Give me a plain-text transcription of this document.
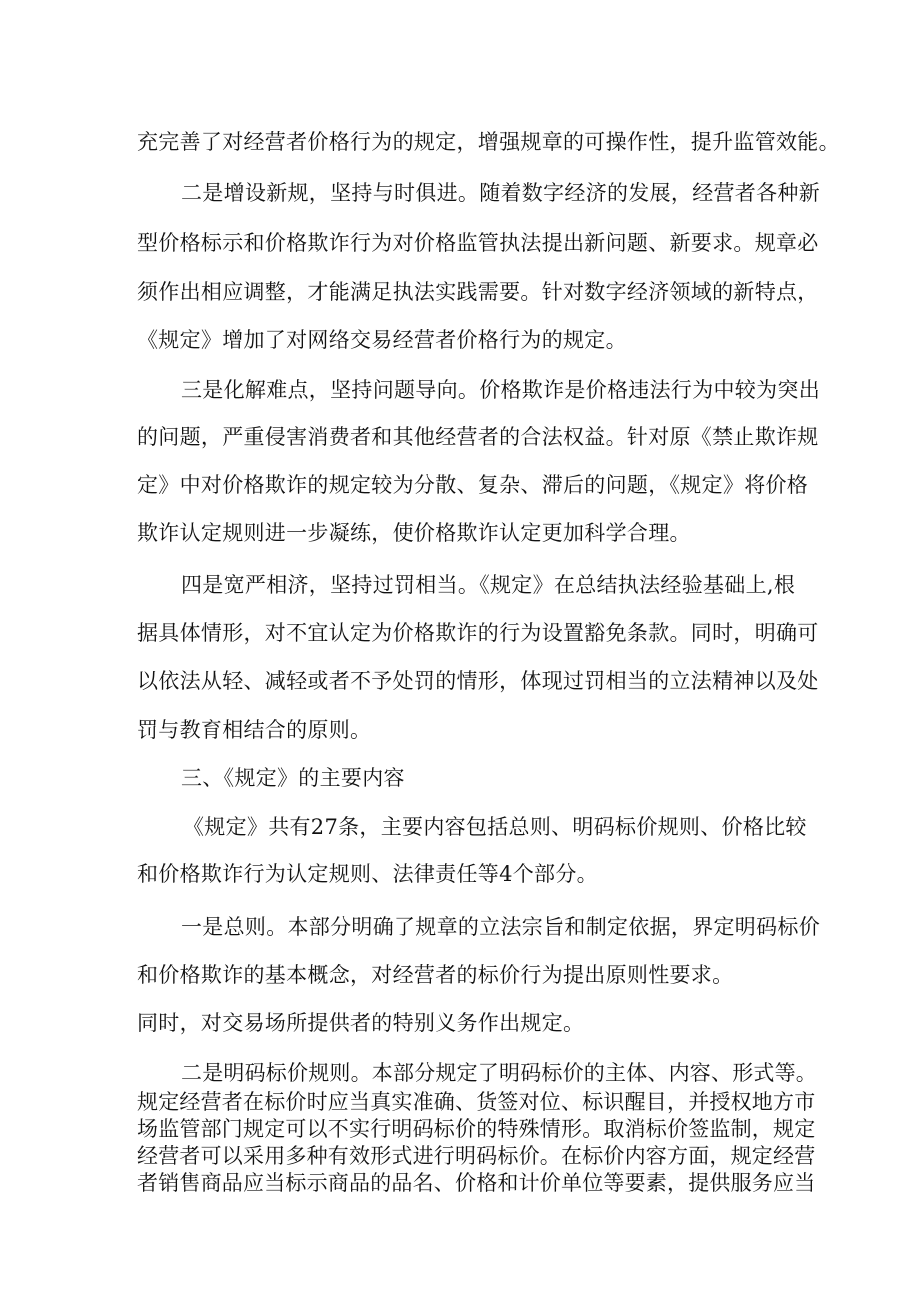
充完善了对经营者价格行为的规定，增强规章的可操作性，提升监管效能。

二是增设新规，坚持与时俱进。随着数字经济的发展，经营者各种新

型价格标示和价格欺诈行为对价格监管执法提出新问题、新要求。规章必

须作出相应调整，才能满足执法实践需要。针对数字经济领域的新特点，

《规定》增加了对网络交易经营者价格行为的规定。

三是化解难点，坚持问题导向。价格欺诈是价格违法行为中较为突出

的问题，严重侵害消费者和其他经营者的合法权益。针对原《禁止欺诈规

定》中对价格欺诈的规定较为分散、复杂、滞后的问题，《规定》将价格

欺诈认定规则进一步凝练，使价格欺诈认定更加科学合理。

四是宽严相济，坚持过罚相当。《规定》在总结执法经验基础上,根

据具体情形，对不宜认定为价格欺诈的行为设置豁免条款。同时，明确可

以依法从轻、减轻或者不予处罚的情形，体现过罚相当的立法精神以及处

罚与教育相结合的原则。

三、《规定》的主要内容

《规定》共有27条，主要内容包括总则、明码标价规则、价格比较

和价格欺诈行为认定规则、法律责任等4个部分。

一是总则。本部分明确了规章的立法宗旨和制定依据，界定明码标价

和价格欺诈的基本概念，对经营者的标价行为提出原则性要求。

同时，对交易场所提供者的特别义务作出规定。

二是明码标价规则。本部分规定了明码标价的主体、内容、形式等。

规定经营者在标价时应当真实准确、货签对位、标识醒目，并授权地方市

场监管部门规定可以不实行明码标价的特殊情形。取消标价签监制，规定

经营者可以采用多种有效形式进行明码标价。在标价内容方面，规定经营

者销售商品应当标示商品的品名、价格和计价单位等要素，提供服务应当
